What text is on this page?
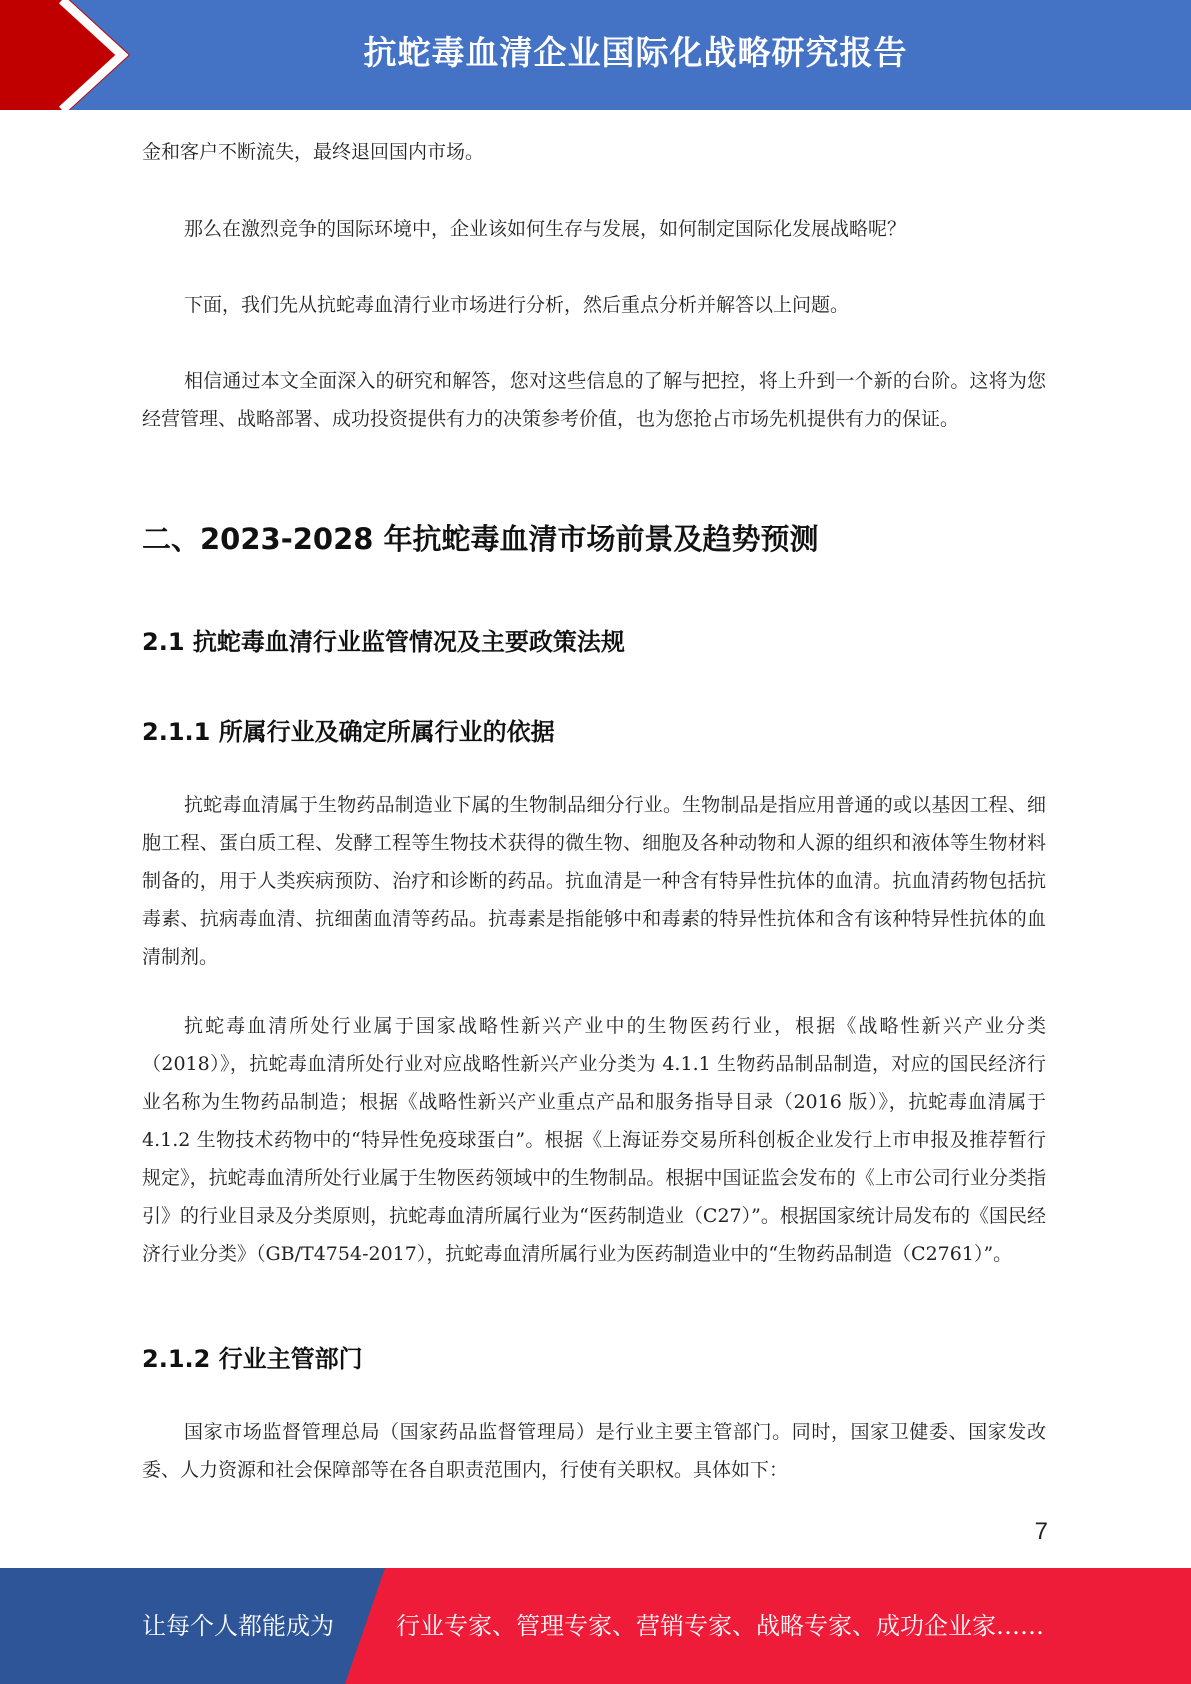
抗蛇毒血清企业国际化战略研究报告

金和客户不断流失，最终退回国内市场。

那么在激烈竞争的国际环境中，企业该如何生存与发展，如何制定国际化发展战略呢？

下面，我们先从抗蛇毒血清行业市场进行分析，然后重点分析并解答以上问题。

相信通过本文全面深入的研究和解答，您对这些信息的了解与把控，将上升到一个新的台阶。这将为您经营管理、战略部署、成功投资提供有力的决策参考价值，也为您抢占市场先机提供有力的保证。

二、2023-2028 年抗蛇毒血清市场前景及趋势预测
2.1 抗蛇毒血清行业监管情况及主要政策法规
2.1.1 所属行业及确定所属行业的依据

抗蛇毒血清属于生物药品制造业下属的生物制品细分行业。生物制品是指应用普通的或以基因工程、细胞工程、蛋白质工程、发酵工程等生物技术获得的微生物、细胞及各种动物和人源的组织和液体等生物材料制备的，用于人类疾病预防、治疗和诊断的药品。抗血清是一种含有特异性抗体的血清。抗血清药物包括抗毒素、抗病毒血清、抗细菌血清等药品。抗毒素是指能够中和毒素的特异性抗体和含有该种特异性抗体的血清制剂。

抗蛇毒血清所处行业属于国家战略性新兴产业中的生物医药行业，根据《战略性新兴产业分类（2018）》，抗蛇毒血清所处行业对应战略性新兴产业分类为 4.1.1 生物药品制品制造，对应的国民经济行业名称为生物药品制造；根据《战略性新兴产业重点产品和服务指导目录（2016 版）》，抗蛇毒血清属于 4.1.2 生物技术药物中的“特异性免疫球蛋白”。根据《上海证券交易所科创板企业发行上市申报及推荐暂行规定》，抗蛇毒血清所处行业属于生物医药领域中的生物制品。根据中国证监会发布的《上市公司行业分类指引》的行业目录及分类原则，抗蛇毒血清所属行业为“医药制造业（C27）”。根据国家统计局发布的《国民经济行业分类》（GB/T4754-2017），抗蛇毒血清所属行业为医药制造业中的“生物药品制造（C2761）”。

2.1.2 行业主管部门

国家市场监督管理总局（国家药品监督管理局）是行业主要主管部门。同时，国家卫健委、国家发改委、人力资源和社会保障部等在各自职责范围内，行使有关职权。具体如下：

7
让每个人都能成为	行业专家、管理专家、营销专家、战略专家、成功企业家……
